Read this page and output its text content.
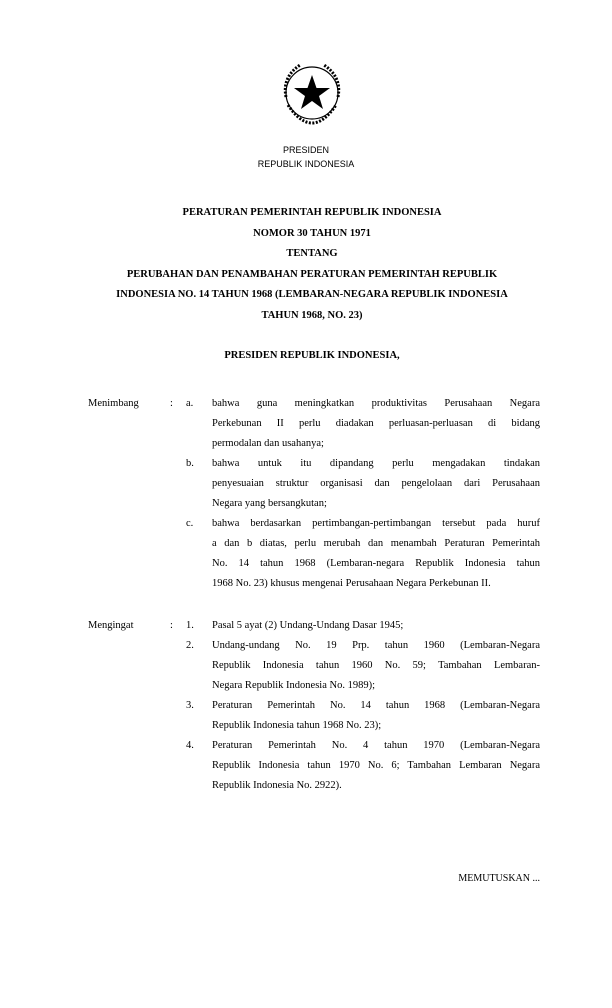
PRESIDEN
REPUBLIK INDONESIA
PERATURAN PEMERINTAH REPUBLIK INDONESIA
NOMOR 30 TAHUN 1971
TENTANG
PERUBAHAN DAN PENAMBAHAN PERATURAN PEMERINTAH REPUBLIK
INDONESIA NO. 14 TAHUN 1968 (LEMBARAN-NEGARA REPUBLIK INDONESIA
TAHUN 1968, NO. 23)
PRESIDEN REPUBLIK INDONESIA,
Menimbang	: a. bahwa guna meningkatkan produktivitas Perusahaan Negara
Perkebunan II perlu diadakan perluasan-perluasan di bidang
permodalan dan usahanya;
b. bahwa untuk itu dipandang perlu mengadakan tindakan
penyesuaian struktur organisasi dan pengelolaan dari Perusahaan
Negara yang bersangkutan;
c. bahwa berdasarkan pertimbangan-pertimbangan tersebut pada huruf
a dan b diatas, perlu merubah dan menambah Peraturan Pemerintah
No. 14 tahun 1968 (Lembaran-negara Republik Indonesia tahun
1968 No. 23) khusus mengenai Perusahaan Negara Perkebunan II.
Mengingat	: 1. Pasal 5 ayat (2) Undang-Undang Dasar 1945;
2. Undang-undang No. 19 Prp. tahun 1960 (Lembaran-Negara
Republik Indonesia tahun 1960 No. 59; Tambahan Lembaran-
Negara Republik Indonesia No. 1989);
3. Peraturan Pemerintah No. 14 tahun 1968 (Lembaran-Negara
Republik Indonesia tahun 1968 No. 23);
4. Peraturan Pemerintah No. 4 tahun 1970 (Lembaran-Negara
Republik Indonesia tahun 1970 No. 6; Tambahan Lembaran Negara
Republik Indonesia No. 2922).
MEMUTUSKAN ...
